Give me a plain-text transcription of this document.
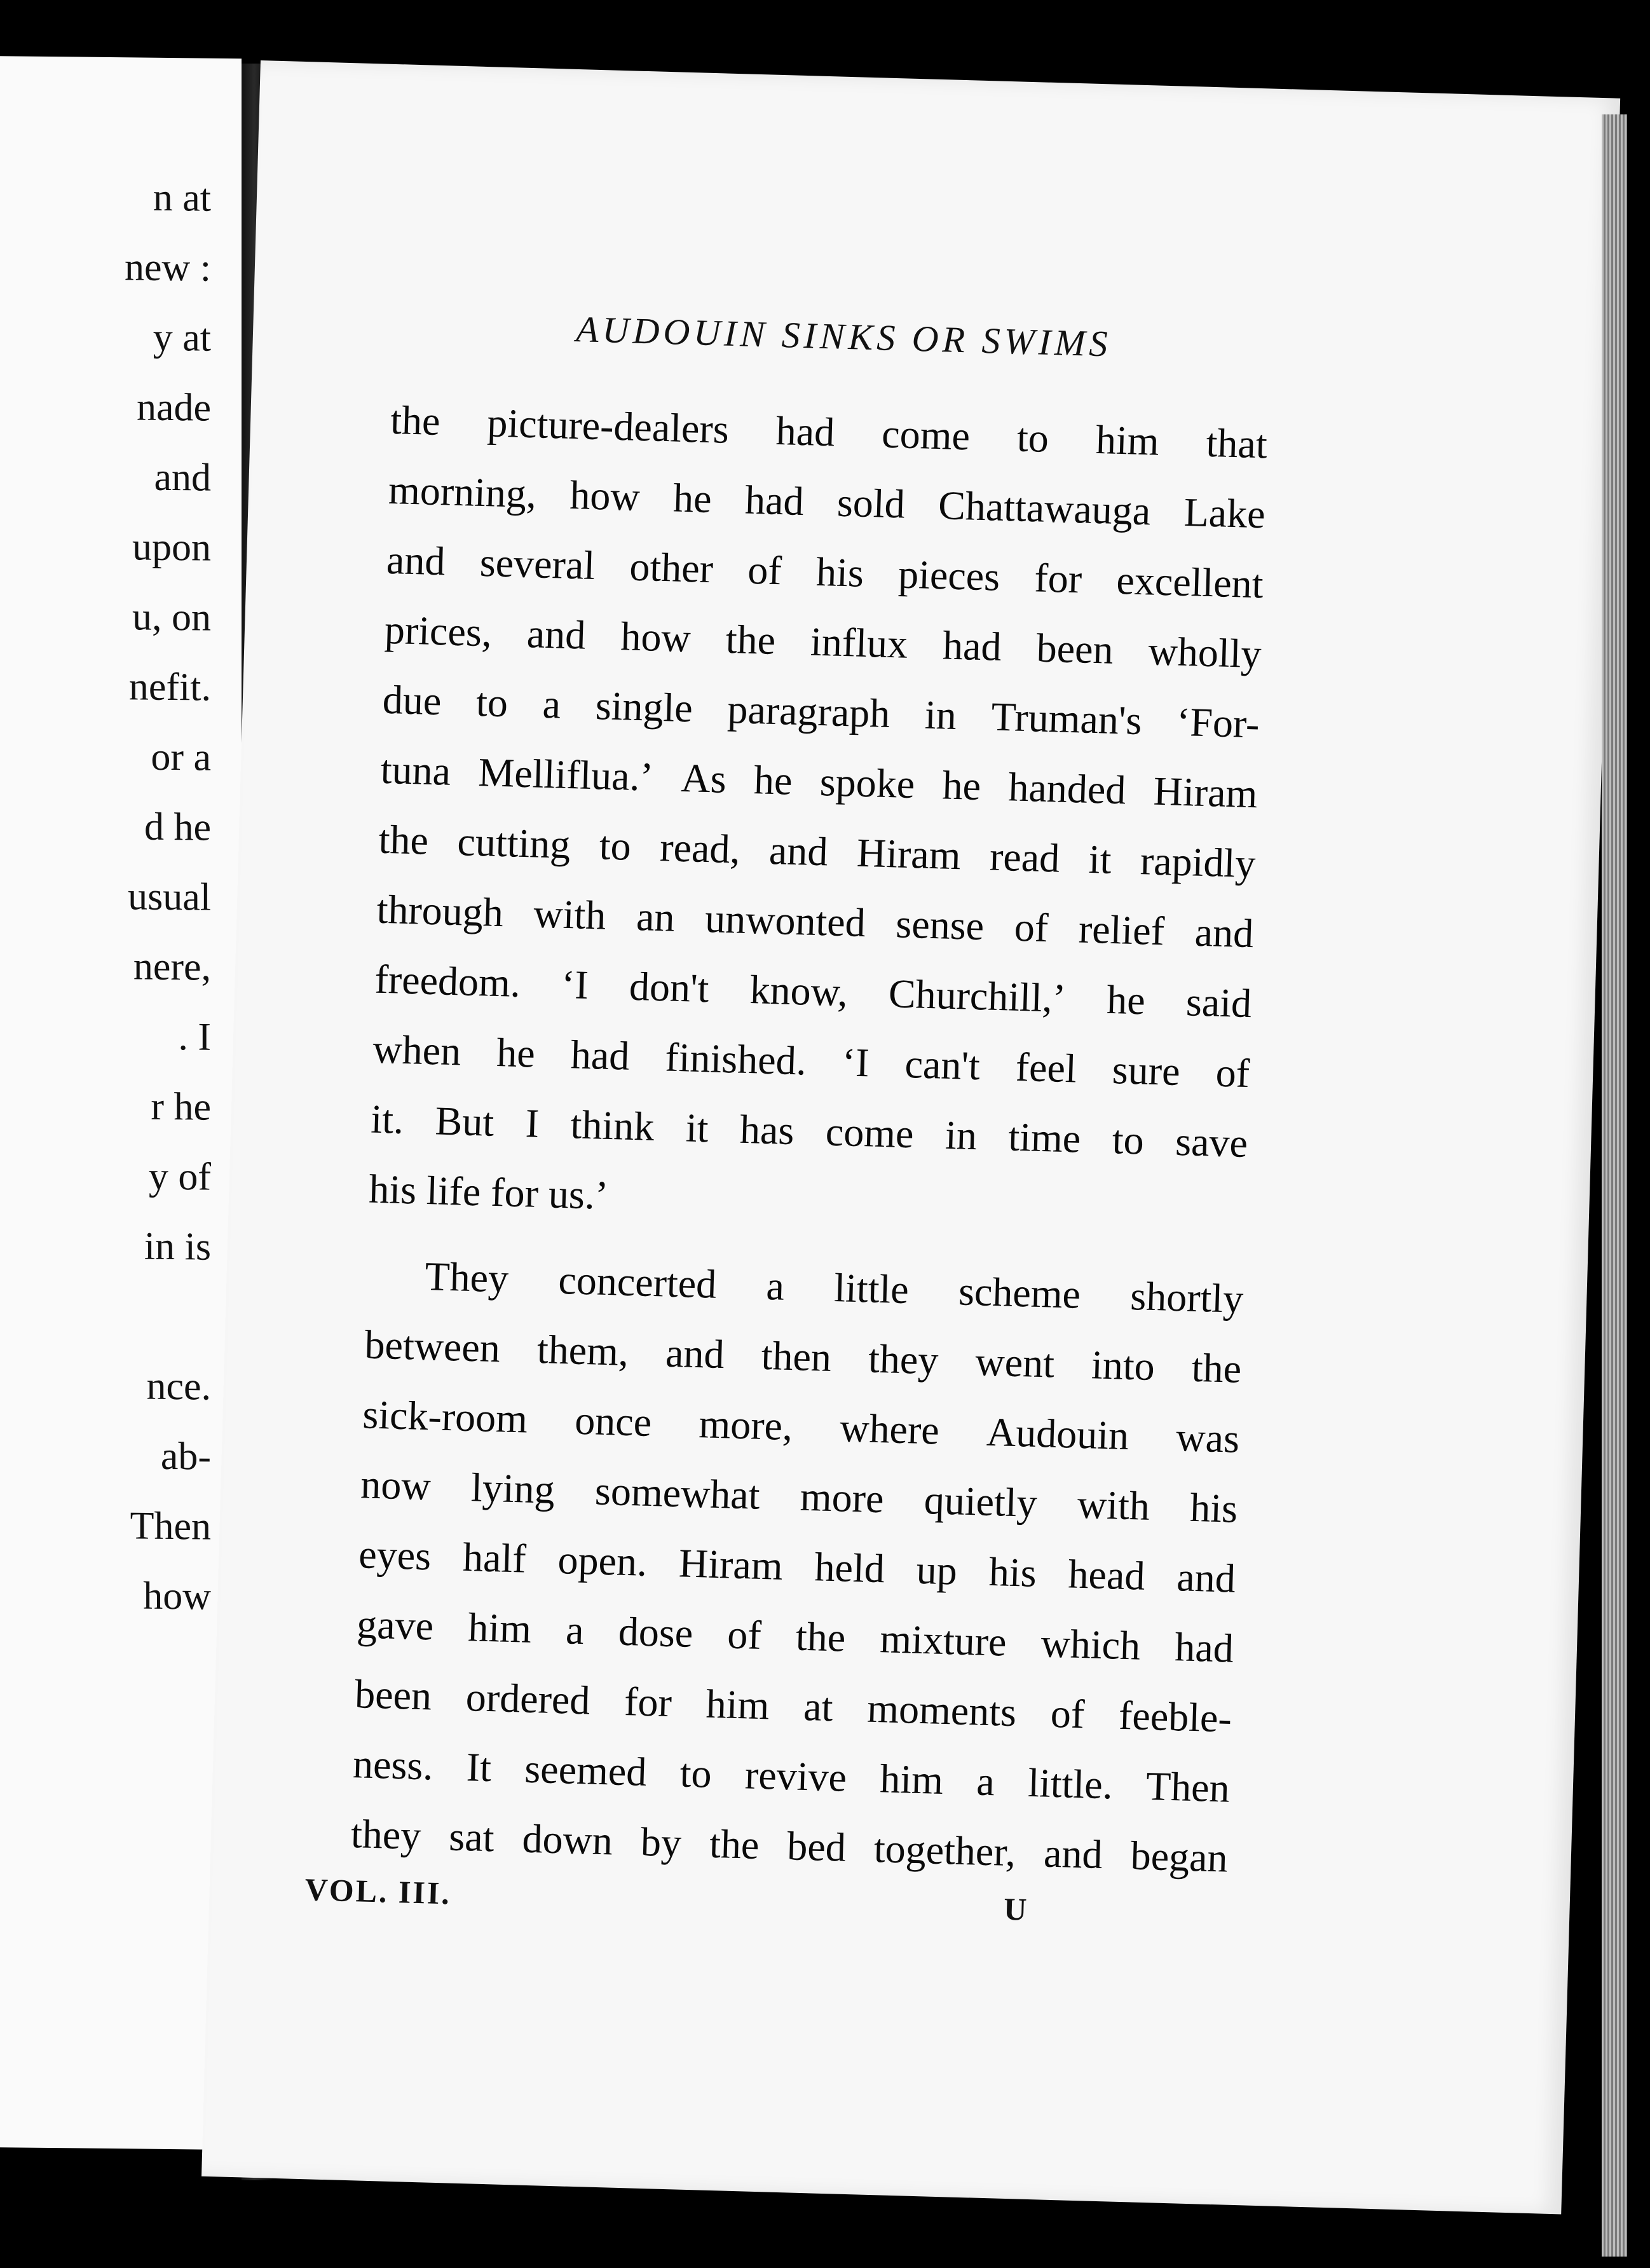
n at
new :
y at
nade
and
upon
u, on
nefit.
or a
d he
usual
nere,
. I
r he
y of
in is
nce.
ab-
Then
how
AUDOUIN SINKS OR SWIMS
the picture-dealers had come to him that
morning, how he had sold Chattawauga Lake
and several other of his pieces for excellent
prices, and how the influx had been wholly
due to a single paragraph in Truman's ‘For-
tuna Melliflua.’ As he spoke he handed Hiram
the cutting to read, and Hiram read it rapidly
through with an unwonted sense of relief and
freedom. ‘I don't know, Churchill,’ he said
when he had finished. ‘I can't feel sure of
it. But I think it has come in time to save
his life for us.’
They concerted a little scheme shortly
between them, and then they went into the
sick-room once more, where Audouin was
now lying somewhat more quietly with his
eyes half open. Hiram held up his head and
gave him a dose of the mixture which had
been ordered for him at moments of feeble-
ness. It seemed to revive him a little. Then
they sat down by the bed together, and began
VOL. III.	U
